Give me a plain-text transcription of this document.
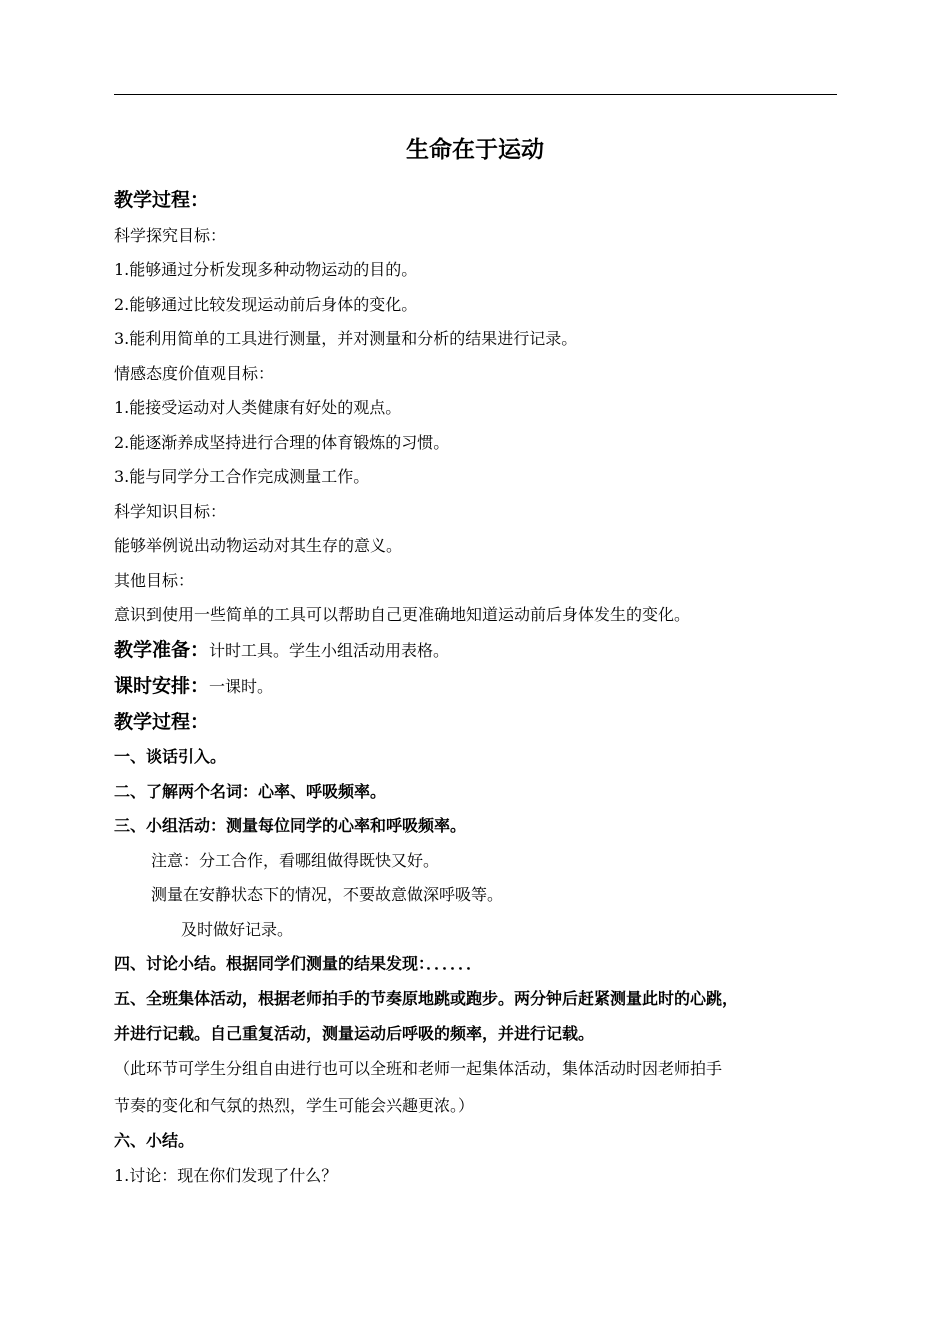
生命在于运动
教学过程：
科学探究目标：
1.能够通过分析发现多种动物运动的目的。
2.能够通过比较发现运动前后身体的变化。
3.能利用简单的工具进行测量，并对测量和分析的结果进行记录。
情感态度价值观目标：
1.能接受运动对人类健康有好处的观点。
2.能逐渐养成坚持进行合理的体育锻炼的习惯。
3.能与同学分工合作完成测量工作。
科学知识目标：
能够举例说出动物运动对其生存的意义。
其他目标：
意识到使用一些简单的工具可以帮助自己更准确地知道运动前后身体发生的变化。
教学准备：计时工具。学生小组活动用表格。
课时安排：一课时。
教学过程：
一、谈话引入。
二、了解两个名词：心率、呼吸频率。
三、小组活动：测量每位同学的心率和呼吸频率。
注意：分工合作，看哪组做得既快又好。
测量在安静状态下的情况，不要故意做深呼吸等。
及时做好记录。
四、讨论小结。根据同学们测量的结果发现：．．．．．．
五、全班集体活动，根据老师拍手的节奏原地跳或跑步。两分钟后赶紧测量此时的心跳，
并进行记载。自己重复活动，测量运动后呼吸的频率，并进行记载。
（此环节可学生分组自由进行也可以全班和老师一起集体活动，集体活动时因老师拍手
节奏的变化和气氛的热烈，学生可能会兴趣更浓。）
六、小结。
1.讨论：现在你们发现了什么？
